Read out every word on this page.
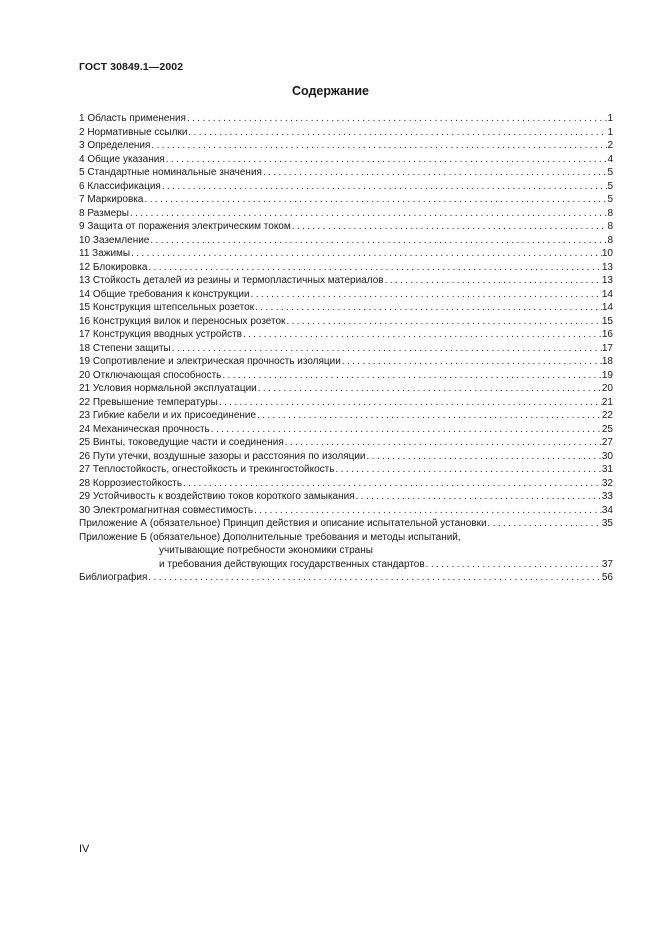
ГОСТ 30849.1—2002
Содержание
1 Область применения . . .	1
2 Нормативные ссылки . . .	1
3 Определения . . .	2
4 Общие указания . . .	4
5 Стандартные номинальные значения . . .	5
6 Классификация . . .	5
7 Маркировка . . .	5
8 Размеры . . .	8
9 Защита от поражения электрическим током . . .	8
10 Заземление . . .	8
11 Зажимы . . .	10
12 Блокировка . . .	13
13 Стойкость деталей из резины и термопластичных материалов . . .	13
14 Общие требования к конструкции . . .	14
15 Конструкция штепсельных розеток . . .	14
16 Конструкция вилок и переносных розеток . . .	15
17 Конструкция вводных устройств . . .	16
18 Степени защиты . . .	17
19 Сопротивление и электрическая прочность изоляции . . .	18
20 Отключающая способность . . .	19
21 Условия нормальной эксплуатации . . .	20
22 Превышение температуры . . .	21
23 Гибкие кабели и их присоединение . . .	22
24 Механическая прочность . . .	25
25 Винты, токоведущие части и соединения . . .	27
26 Пути утечки, воздушные зазоры и расстояния по изоляции . . .	30
27 Теплостойкость, огнестойкость и трекингостойкость . . .	31
28 Коррозиестойкость . . .	32
29 Устойчивость к воздействию токов короткого замыкания . . .	33
30 Электромагнитная совместимость . . .	34
Приложение А (обязательное) Принцип действия и описание испытательной установки . . .	35
Приложение Б (обязательное) Дополнительные требования и методы испытаний,
учитывающие потребности экономики страны
и требования действующих государственных стандартов . . .	37
Библиография . . .	56
IV
